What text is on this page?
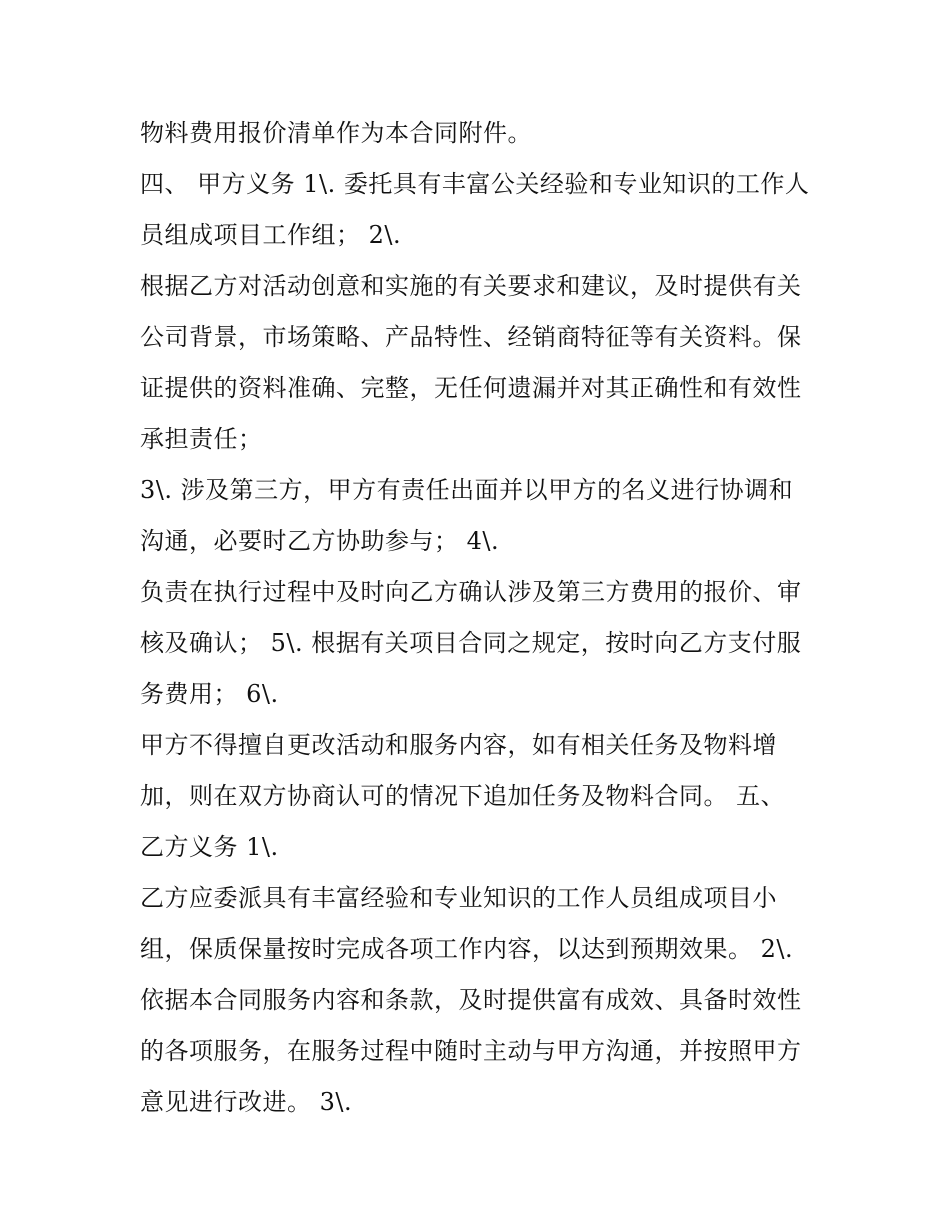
物料费用报价清单作为本合同附件。
四、 甲方义务 1\. 委托具有丰富公关经验和专业知识的工作人
员组成项目工作组； 2\.
根据乙方对活动创意和实施的有关要求和建议，及时提供有关
公司背景，市场策略、产品特性、经销商特征等有关资料。保
证提供的资料准确、完整，无任何遗漏并对其正确性和有效性
承担责任；
3\. 涉及第三方，甲方有责任出面并以甲方的名义进行协调和
沟通，必要时乙方协助参与； 4\.
负责在执行过程中及时向乙方确认涉及第三方费用的报价、审
核及确认； 5\. 根据有关项目合同之规定，按时向乙方支付服
务费用； 6\.
甲方不得擅自更改活动和服务内容，如有相关任务及物料增
加，则在双方协商认可的情况下追加任务及物料合同。 五、
乙方义务 1\.
乙方应委派具有丰富经验和专业知识的工作人员组成项目小
组，保质保量按时完成各项工作内容，以达到预期效果。 2\.
依据本合同服务内容和条款，及时提供富有成效、具备时效性
的各项服务，在服务过程中随时主动与甲方沟通，并按照甲方
意见进行改进。 3\.
